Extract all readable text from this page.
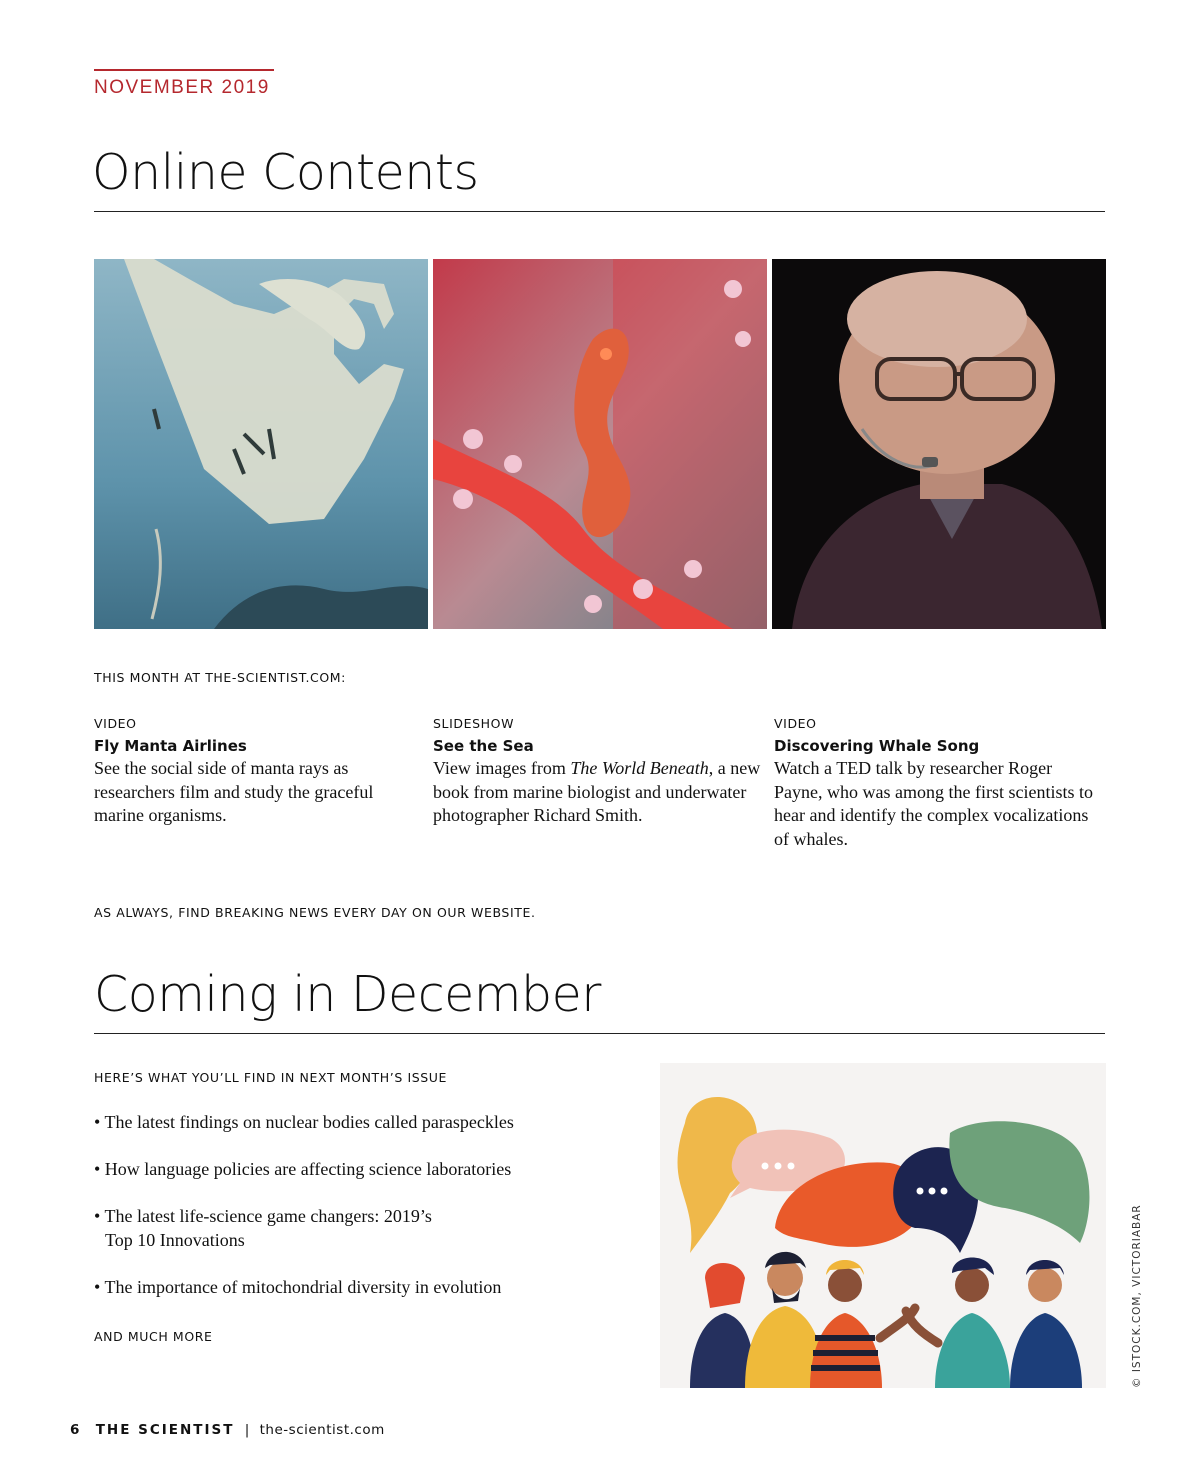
NOVEMBER 2019
Online Contents
THIS MONTH AT THE-SCIENTIST.COM:
VIDEO
Fly Manta Airlines
See the social side of manta rays as researchers film and study the graceful marine organisms.
SLIDESHOW
See the Sea
View images from The World Beneath, a new book from marine biologist and underwater photographer Richard Smith.
VIDEO
Discovering Whale Song
Watch a TED talk by researcher Roger Payne, who was among the first scientists to hear and identify the complex vocalizations of whales.
AS ALWAYS, FIND BREAKING NEWS EVERY DAY ON OUR WEBSITE.
Coming in December
HERE’S WHAT YOU’LL FIND IN NEXT MONTH’S ISSUE
• The latest findings on nuclear bodies called paraspeckles
• How language policies are affecting science laboratories
• The latest life-science game changers: 2019’s
Top 10 Innovations
• The importance of mitochondrial diversity in evolution
AND MUCH MORE	© ISTOCK.COM, VICTORIABAR
6 THE SCIENTIST | the-scientist.com
